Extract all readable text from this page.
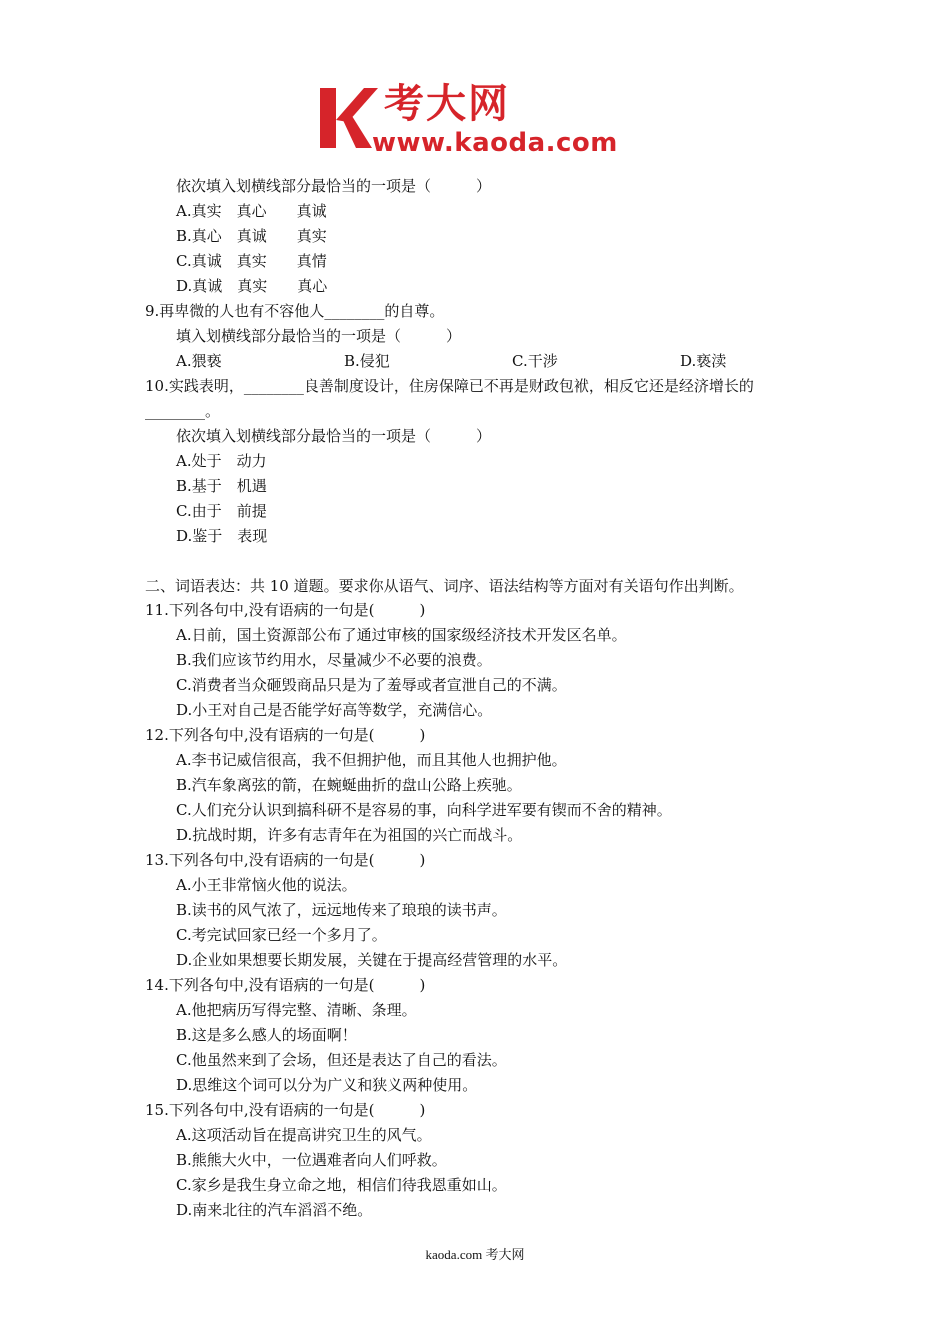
考大网
www.kaoda.com
依次填入划横线部分最恰当的一项是（　　　）
A.真实　真心　　真诚
B.真心　真诚　　真实
C.真诚　真实　　真情
D.真诚　真实　　真心
9.再卑微的人也有不容他人________的自尊。
填入划横线部分最恰当的一项是（　　　）
A.猥亵	B.侵犯	C.干涉	D.亵渎
10.实践表明，________良善制度设计，住房保障已不再是财政包袱，相反它还是经济增长的
________。
依次填入划横线部分最恰当的一项是（　　　）
A.处于　动力
B.基于　机遇
C.由于　前提
D.鉴于　表现
二、词语表达：共 10 道题。要求你从语气、词序、语法结构等方面对有关语句作出判断。
11.下列各句中,没有语病的一句是(　　　)
A.日前，国土资源部公布了通过审核的国家级经济技术开发区名单。
B.我们应该节约用水，尽量减少不必要的浪费。
C.消费者当众砸毁商品只是为了羞辱或者宣泄自己的不满。
D.小王对自己是否能学好高等数学，充满信心。
12.下列各句中,没有语病的一句是(　　　)
A.李书记威信很高，我不但拥护他，而且其他人也拥护他。
B.汽车象离弦的箭，在蜿蜒曲折的盘山公路上疾驰。
C.人们充分认识到搞科研不是容易的事，向科学进军要有锲而不舍的精神。
D.抗战时期，许多有志青年在为祖国的兴亡而战斗。
13.下列各句中,没有语病的一句是(　　　)
A.小王非常恼火他的说法。
B.读书的风气浓了，远远地传来了琅琅的读书声。
C.考完试回家已经一个多月了。
D.企业如果想要长期发展，关键在于提高经营管理的水平。
14.下列各句中,没有语病的一句是(　　　)
A.他把病历写得完整、清晰、条理。
B.这是多么感人的场面啊！
C.他虽然来到了会场，但还是表达了自己的看法。
D.思维这个词可以分为广义和狭义两种使用。
15.下列各句中,没有语病的一句是(　　　)
A.这项活动旨在提高讲究卫生的风气。
B.熊熊大火中，一位遇难者向人们呼救。
C.家乡是我生身立命之地，相信们待我恩重如山。
D.南来北往的汽车滔滔不绝。
kaoda.com 考大网
